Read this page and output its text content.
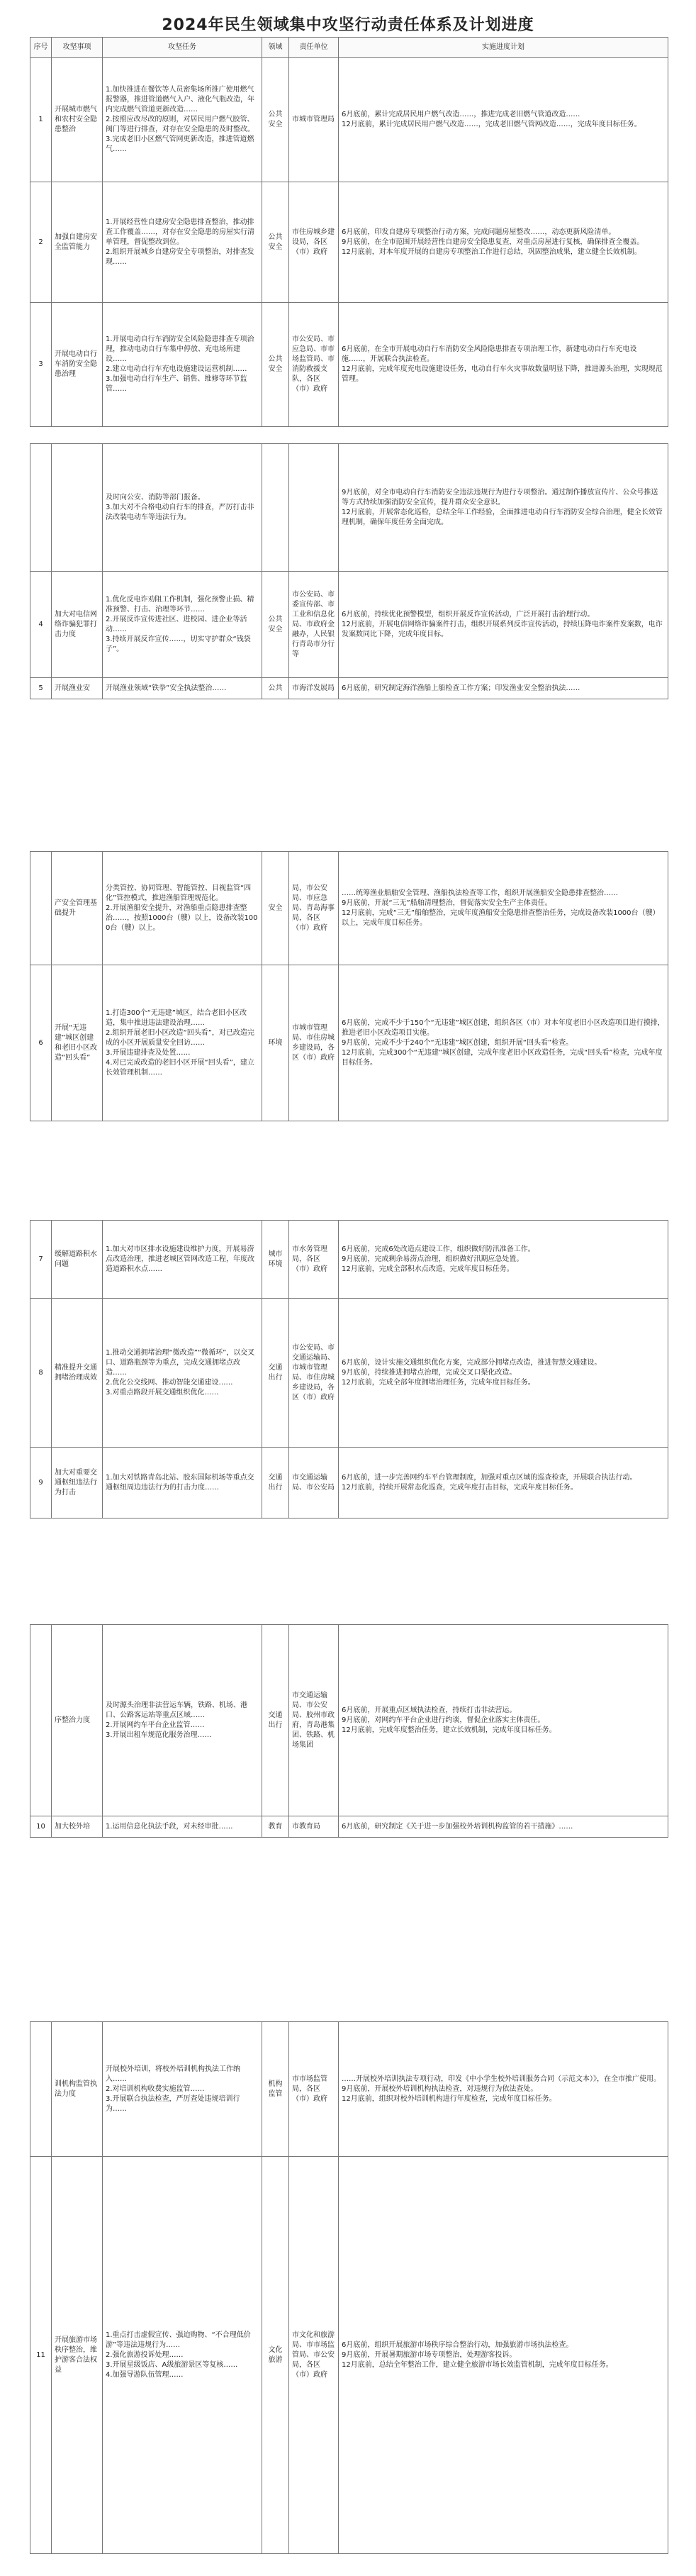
2024年民生领域集中攻坚行动责任体系及计划进度
序号	攻坚事项	攻坚任务	领域	责任单位	实施进度计划
1	开展城市燃气和农村安全隐患整治	1.加快推进在餐饮等人员密集场所推广使用燃气报警器，推进管道燃气入户、液化气瓶改造，年内完成燃气管道更新改造……
2.按照应改尽改的原则，对居民用户燃气胶管、阀门等进行排查，对存在安全隐患的及时整改。
3.完成老旧小区燃气管网更新改造，推进管道燃气……	公共安全	市城市管理局	6月底前，累计完成居民用户燃气改造……，推进完成老旧燃气管道改造……
12月底前，累计完成居民用户燃气改造……，完成老旧燃气管网改造……，完成年度目标任务。
2	加强自建房安全监管能力	1.开展经营性自建房安全隐患排查整治，推动排查工作覆盖……，对存在安全隐患的房屋实行清单管理，督促整改到位。
2.组织开展城乡自建房安全专项整治，对排查发现……	公共安全	市住房城乡建设局，各区（市）政府	6月底前，印发自建房专项整治行动方案，完成问题房屋整改……，动态更新风险清单。
9月底前，在全市范围开展经营性自建房安全隐患复查，对重点房屋进行复核，确保排查全覆盖。
12月底前，对本年度开展的自建房专项整治工作进行总结，巩固整治成果，建立健全长效机制。
3	开展电动自行车消防安全隐患治理	1.开展电动自行车消防安全风险隐患排查专项治理，推动电动自行车集中停放、充电场所建设……
2.建立电动自行车充电设施建设运营机制……
3.加强电动自行车生产、销售、维修等环节监管……	公共安全	市公安局、市应急局、市市场监管局、市消防救援支队，各区（市）政府	6月底前，在全市开展电动自行车消防安全风险隐患排查专项治理工作，新建电动自行车充电设施……，开展联合执法检查。
12月底前，完成年度充电设施建设任务，电动自行车火灾事故数量明显下降，推进源头治理，实现规范管理。
		及时向公安、消防等部门报备。
3.加大对不合格电动自行车的排查，严厉打击非法改装电动车等违法行为。			9月底前，对全市电动自行车消防安全违法违规行为进行专项整治。通过制作播放宣传片、公众号推送等方式持续加强消防安全宣传，提升群众安全意识。
12月底前，开展常态化巡检，总结全年工作经验，全面推进电动自行车消防安全综合治理，健全长效管理机制，确保年度任务全面完成。
4	加大对电信网络诈骗犯罪打击力度	1.优化反电诈劝阻工作机制，强化预警止损、精准预警、打击、治理等环节……
2.开展反诈宣传进社区、进校园、进企业等活动……
3.持续开展反诈宣传……，切实守护群众“钱袋子”。	公共安全	市公安局、市委宣传部、市工业和信息化局、市政府金融办，人民银行青岛市分行等	6月底前，持续优化预警模型，组织开展反诈宣传活动，广泛开展打击治理行动。
12月底前，开展电信网络诈骗案件打击，组织开展系列反诈宣传活动，持续压降电诈案件发案数，电诈发案数同比下降，完成年度目标。
5	开展渔业安	开展渔业领域“铁拳”安全执法整治……	公共	市海洋发展局	6月底前，研究制定海洋渔船上船检查工作方案；印发渔业安全整治执法……
	产安全管理基础提升	分类管控、协同管理、智能管控、目视监管“四化”管控模式，推进渔船管理规范化。
2.开展渔船安全提升，对渔船重点隐患排查整治……，按照1000台（艘）以上，设备改装1000台（艘）以上。	安全	局，市公安局、市应急局、青岛海事局，各区（市）政府	……统筹渔业船舶安全管理、渔船执法检查等工作，组织开展渔船安全隐患排查整治……
9月底前，开展“三无”船舶清理整治，督促落实安全生产主体责任。
12月底前，完成“三无”船舶整治，完成年度渔船安全隐患排查整治任务，完成设备改装1000台（艘）以上，完成年度目标任务。
6	开展“无违建”城区创建和老旧小区改造“回头看”	1.打造300个“无违建”城区，结合老旧小区改造，集中推进违法建设治理……
2.组织开展老旧小区改造“回头看”，对已改造完成的小区开展质量安全回访……
3.开展违建排查及处置……
4.对已完成改造的老旧小区开展“回头看”，建立长效管理机制……	环境	市城市管理局、市住房城乡建设局，各区（市）政府	6月底前，完成不少于150个“无违建”城区创建，组织各区（市）对本年度老旧小区改造项目进行摸排，推进老旧小区改造项目实施。
9月底前，完成不少于240个“无违建”城区创建，组织开展“回头看”检查。
12月底前，完成300个“无违建”城区创建，完成年度老旧小区改造任务，完成“回头看”检查，完成年度目标任务。
7	缓解道路积水问题	1.加大对市区排水设施建设维护力度，开展易涝点改造治理，推进老城区管网改造工程，年度改造道路积水点……	城市环境	市水务管理局，各区（市）政府	6月底前，完成6处改造点建设工作，组织做好防汛准备工作。
9月底前，完成剩余易涝点治理，组织做好汛期应急处置。
12月底前，完成全部积水点改造，完成年度目标任务。
8	精准提升交通拥堵治理成效	1.推动交通拥堵治理“微改造”“微循环”，以交叉口、道路瓶颈等为重点，完成交通拥堵点改造……
2.优化公交线网、推动智能交通建设……
3.对重点路段开展交通组织优化……	交通出行	市公安局、市交通运输局、市城市管理局、市住房城乡建设局，各区（市）政府	6月底前，设计实施交通组织优化方案，完成部分拥堵点改造，推进智慧交通建设。
9月底前，持续推进拥堵点治理，完成交叉口渠化改造。
12月底前，完成全部年度拥堵治理任务，完成年度目标任务。
9	加大对重要交通枢纽违法行为打击	1.加大对铁路青岛北站、胶东国际机场等重点交通枢纽周边违法行为的打击力度……	交通出行	市交通运输局、市公安局	6月底前，进一步完善网约车平台管理制度，加强对重点区域的巡查检查，开展联合执法行动。
12月底前，持续开展常态化巡查，完成年度打击目标，完成年度目标任务。
	序整治力度	及时源头治理非法营运车辆，铁路、机场、港口、公路客运站等重点区域……
2.开展网约车平台企业监管……
3.开展出租车规范化服务治理……	交通出行	市交通运输局、市公安局、胶州市政府，青岛港集团、铁路、机场集团	6月底前，开展重点区域执法检查，持续打击非法营运。
9月底前，对网约车平台企业进行约谈，督促企业落实主体责任。
12月底前，完成年度整治任务，建立长效机制，完成年度目标任务。
10	加大校外培	1.运用信息化执法手段，对未经审批……	教育	市教育局	6月底前，研究制定《关于进一步加强校外培训机构监管的若干措施》……
	训机构监管执法力度	开展校外培训，将校外培训机构执法工作纳入……
2.对培训机构收费实施监管……
3.开展联合执法检查，严厉查处违规培训行为……	机构监管	市市场监管局，各区（市）政府	……开展校外培训执法专项行动，印发《中小学生校外培训服务合同（示范文本）》，在全市推广使用。
9月底前，开展校外培训机构执法检查，对违规行为依法查处。
12月底前，组织对校外培训机构进行年度检查，完成年度目标任务。
11	开展旅游市场秩序整治，维护游客合法权益	1.重点打击虚假宣传、强迫购物、“不合理低价游”等违法违规行为……
2.强化旅游投诉处理……
3.开展星级饭店、A级旅游景区等复核……
4.加强导游队伍管理……	文化旅游	市文化和旅游局、市市场监管局、市公安局，各区（市）政府	6月底前，组织开展旅游市场秩序综合整治行动，加强旅游市场执法检查。
9月底前，开展暑期旅游市场专项整治，处理游客投诉。
12月底前，总结全年整治工作，建立健全旅游市场长效监管机制，完成年度目标任务。
